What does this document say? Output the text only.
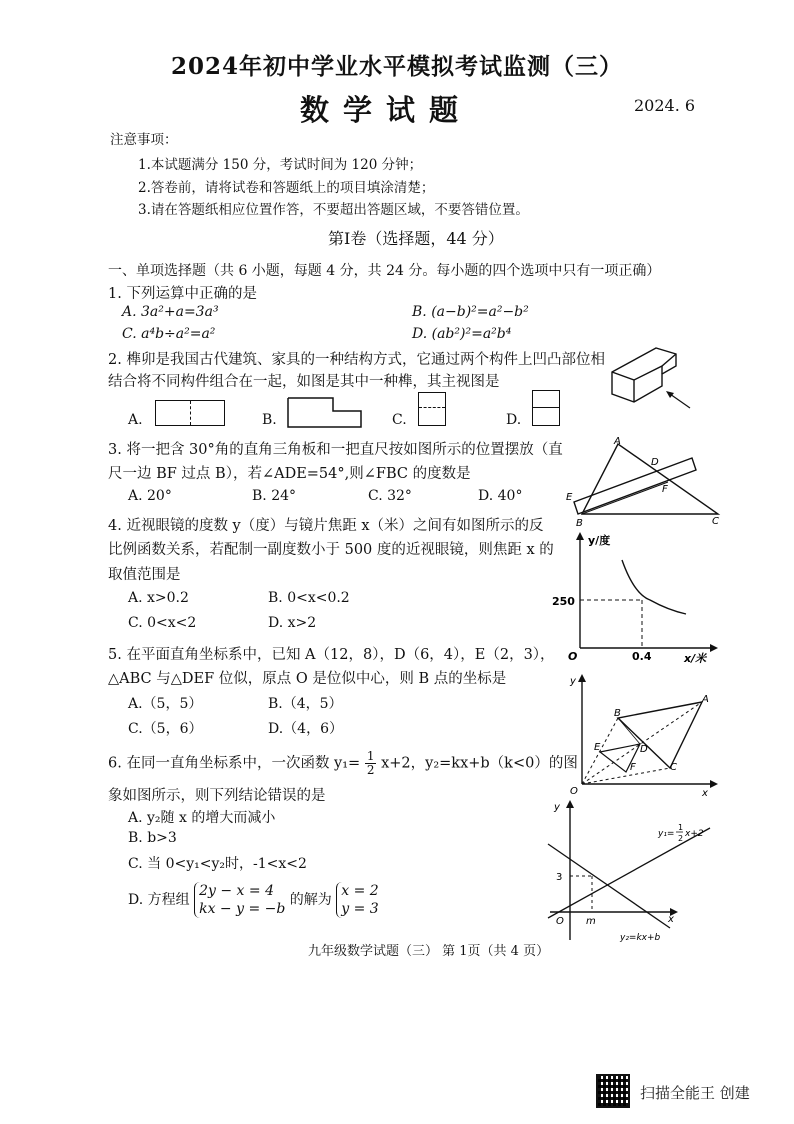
2024年初中学业水平模拟考试监测（三）
数学试题	2024. 6
注意事项：
1.本试题满分 150 分，考试时间为 120 分钟；
2.答卷前，请将试卷和答题纸上的项目填涂清楚；
3.请在答题纸相应位置作答，不要超出答题区域，不要答错位置。
第Ⅰ卷（选择题，44 分）
一、单项选择题（共 6 小题，每题 4 分，共 24 分。每小题的四个选项中只有一项正确）
1. 下列运算中正确的是
A. 3a²+a=3a³	B. (a−b)²=a²−b²
C. a⁴b÷a²=a²	D. (ab²)²=a²b⁴
2. 榫卯是我国古代建筑、家具的一种结构方式，它通过两个构件上凹凸部位相
结合将不同构件组合在一起，如图是其中一种榫，其主视图是
A.	B.	C.	D.
3. 将一把含 30°角的直角三角板和一把直尺按如图所示的位置摆放（直
尺一边 BF 过点 B），若∠ADE=54°,则∠FBC 的度数是
A. 20°	B. 24°	C. 32°	D. 40°
A
D
F
E
B	C
4. 近视眼镜的度数 y（度）与镜片焦距 x（米）之间有如图所示的反
比例函数关系，若配制一副度数小于 500 度的近视眼镜，则焦距 x 的
取值范围是
A. x>0.2	B. 0<x<0.2
C. 0<x<2	D. x>2
y/度
x/米
250
0.4
O
5. 在平面直角坐标系中，已知 A（12，8），D（6，4），E（2，3），
△ABC 与△DEF 位似，原点 O 是位似中心，则 B 点的坐标是
A.（5，5）	B.（4，5）
C.（5，6）	D.（4，6）
y
x
O
A
B
C
D
E
F
6. 在同一直角坐标系中，一次函数 $y_1= \frac{1}{2} x+2$，y₂=kx+b（k<0）的图
象如图所示，则下列结论错误的是
A. y₂随 x 的增大而减小
B. b>3
C. 当 0<y₁<y₂时，-1<x<2
D. 方程组
2y − x = 4
kx − y = −b
的解为
x = 2
y = 3
y
x
O m
3
y₁=
1
2 x+2
y₂=kx+b
九年级数学试题（三） 第 1页（共 4 页）
扫描全能王 创建
